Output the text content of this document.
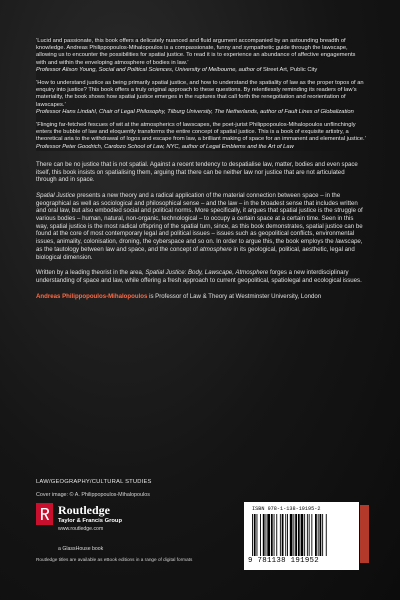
‘Lucid and passionate, this book offers a delicately nuanced and fluid argument accompanied by an astounding breadth of knowledge. Andreas Philippopoulos-Mihalopoulos is a compassionate, funny and sympathetic guide through the lawscape, allowing us to encounter the possibilities for spatial justice. To read it is to experience an abundance of affective engagements with and within the enveloping atmosphere of bodies in law.’
Professor Alison Young, Social and Political Sciences, University of Melbourne, author of Street Art, Public City

‘How to understand justice as being primarily spatial justice, and how to understand the spatiality of law as the proper topos of an enquiry into justice? This book offers a truly original approach to these questions. By relentlessly reminding its readers of law’s materiality, the book shows how spatial justice emerges in the ruptures that call forth the renegotiation and reorientation of lawscapes.’
Professor Hans Lindahl, Chair of Legal Philosophy, Tilburg University, The Netherlands, author of Fault Lines of Globalization

‘Flinging far-fetched fescues of wit at the atmospherics of lawscapes, the poet-jurist Philippopoulos-Mihalopoulos unflinchingly enters the bubble of law and eloquently transforms the entire concept of spatial justice. This is a book of exquisite artistry, a theoretical aria to the withdrawal of logos and escape from law, a brilliant making of space for an immanent and elemental justice.’
Professor Peter Goodrich, Cardozo School of Law, NYC, author of Legal Emblems and the Art of Law

There can be no justice that is not spatial. Against a recent tendency to despatialise law, matter, bodies and even space itself, this book insists on spatialising them, arguing that there can be neither law nor justice that are not articulated through and in space.

Spatial Justice presents a new theory and a radical application of the material connection between space – in the geographical as well as sociological and philosophical sense – and the law – in the broadest sense that includes written and oral law, but also embodied social and political norms. More specifically, it argues that spatial justice is the struggle of various bodies – human, natural, non-organic, technological – to occupy a certain space at a certain time. Seen in this way, spatial justice is the most radical offspring of the spatial turn, since, as this book demonstrates, spatial justice can be found at the core of most contemporary legal and political issues – issues such as geopolitical conflicts, environmental issues, animality, colonisation, droning, the cyberspace and so on. In order to argue this, the book employs the lawscape, as the tautology between law and space, and the concept of atmosphere in its geological, political, aesthetic, legal and biological dimension.

Written by a leading theorist in the area, Spatial Justice: Body, Lawscape, Atmosphere forges a new interdisciplinary understanding of space and law, while offering a fresh approach to current geopolitical, spatiolegal and ecological issues.

Andreas Philippopoulos-Mihalopoulos is Professor of Law & Theory at Westminster University, London

LAW/GEOGRAPHY/CULTURAL STUDIES
Cover image: © A. Philippopoulos-Mihalopoulos
Routledge
Taylor & Francis Group
www.routledge.com
a GlassHouse book
Routledge titles are available as eBook editions in a range of digital formats
ISBN 978-1-138-19195-2
9 781138 191952
an informa business
